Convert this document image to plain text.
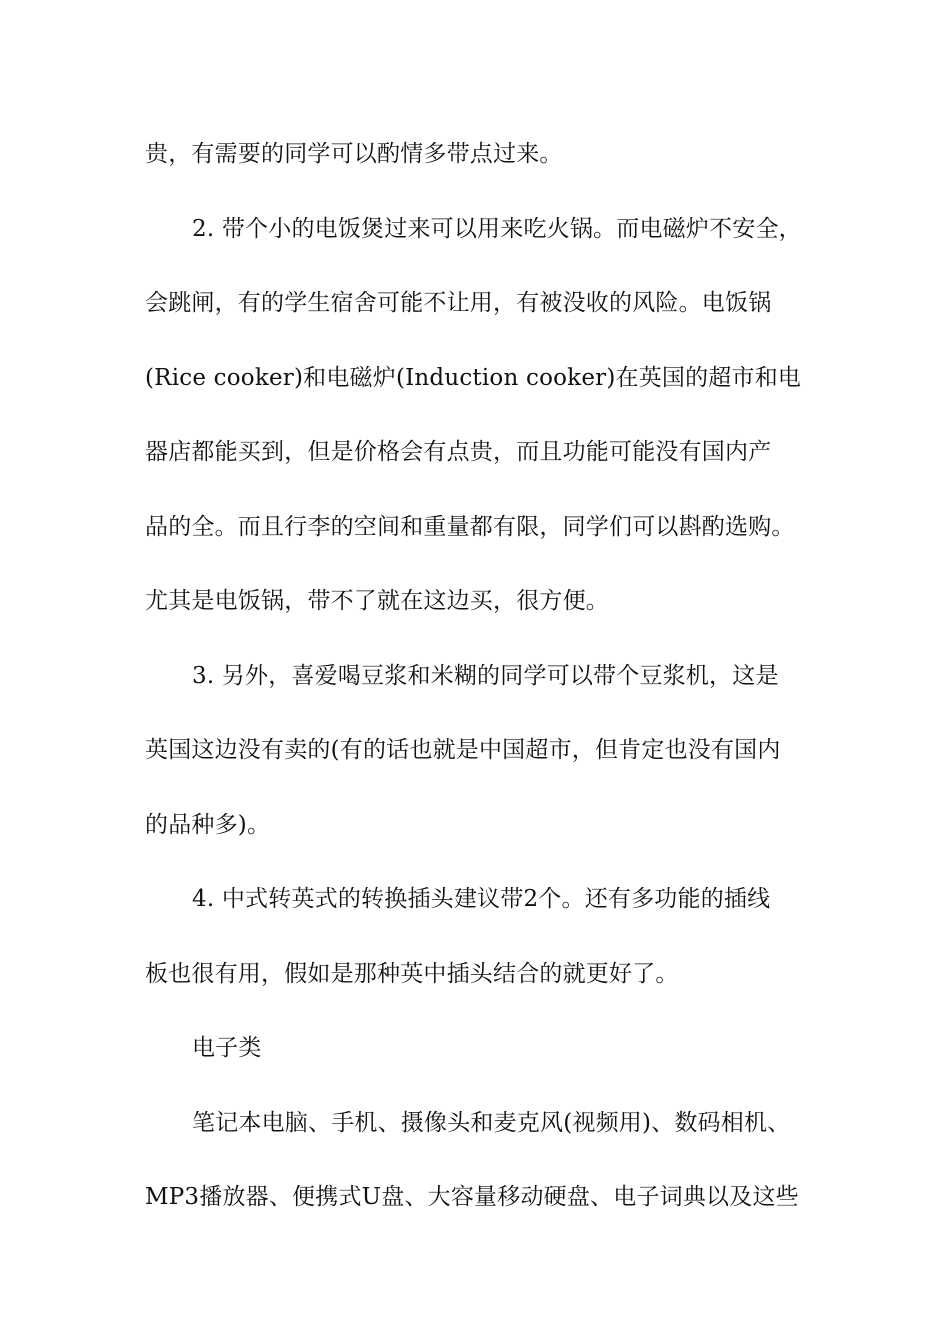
贵，有需要的同学可以酌情多带点过来。
2. 带个小的电饭煲过来可以用来吃火锅。而电磁炉不安全，
会跳闸，有的学生宿舍可能不让用，有被没收的风险。电饭锅
(Rice cooker)和电磁炉(Induction cooker)在英国的超市和电
器店都能买到，但是价格会有点贵，而且功能可能没有国内产
品的全。而且行李的空间和重量都有限，同学们可以斟酌选购。
尤其是电饭锅，带不了就在这边买，很方便。
3. 另外，喜爱喝豆浆和米糊的同学可以带个豆浆机，这是
英国这边没有卖的(有的话也就是中国超市，但肯定也没有国内
的品种多)。
4. 中式转英式的转换插头建议带2个。还有多功能的插线
板也很有用，假如是那种英中插头结合的就更好了。
电子类
笔记本电脑、手机、摄像头和麦克风(视频用)、数码相机、
MP3播放器、便携式U盘、大容量移动硬盘、电子词典以及这些
